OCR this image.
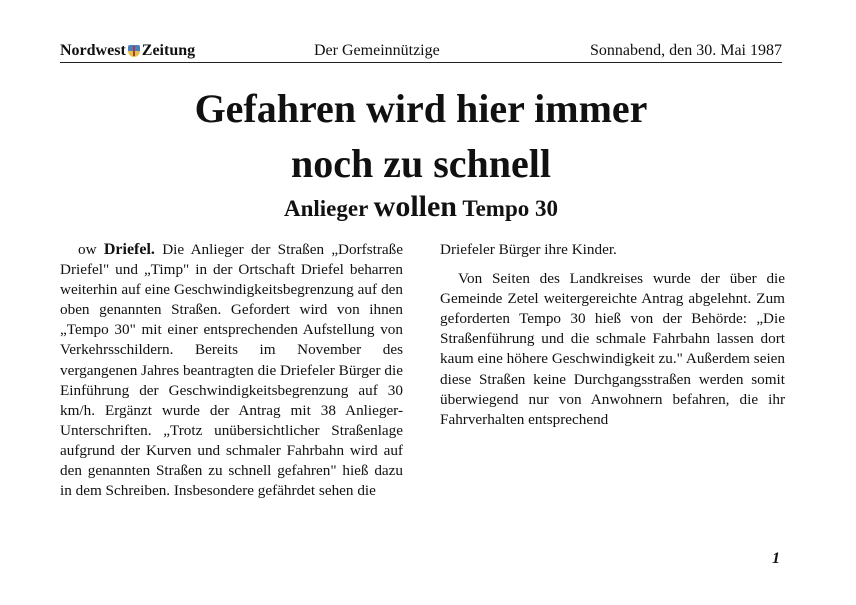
Nordwest Zeitung	Der Gemeinnützige	Sonnabend, den 30. Mai 1987
Gefahren wird hier immer
noch zu schnell
Anlieger wollen Tempo 30

ow Driefel. Die Anlieger der Straßen „Dorfstraße Driefel" und „Timp" in der Ortschaft Driefel beharren weiterhin auf eine Geschwindigkeitsbegrenzung auf den oben genannten Straßen. Gefordert wird von ihnen „Tempo 30" mit einer entsprechenden Aufstellung von Verkehrsschildern. Bereits im November des vergangenen Jahres beantragten die Driefeler Bürger die Einführung der Geschwindigkeitsbegrenzung auf 30 km/h. Ergänzt wurde der Antrag mit 38 Anlieger-Unterschriften. „Trotz unübersichtlicher Straßenlage aufgrund der Kurven und schmaler Fahrbahn wird auf den genannten Straßen zu schnell gefahren" hieß dazu in dem Schreiben. Insbesondere gefährdet sehen die

Driefeler Bürger ihre Kinder.

Von Seiten des Landkreises wurde der über die Gemeinde Zetel weitergereichte Antrag abgelehnt. Zum geforderten Tempo 30 hieß von der Behörde: „Die Straßenführung und die schmale Fahrbahn lassen dort kaum eine höhere Geschwindigkeit zu." Außerdem seien diese Straßen keine Durchgangsstraßen werden somit überwiegend nur von Anwohnern befahren, die ihr Fahrverhalten entsprechend

1
